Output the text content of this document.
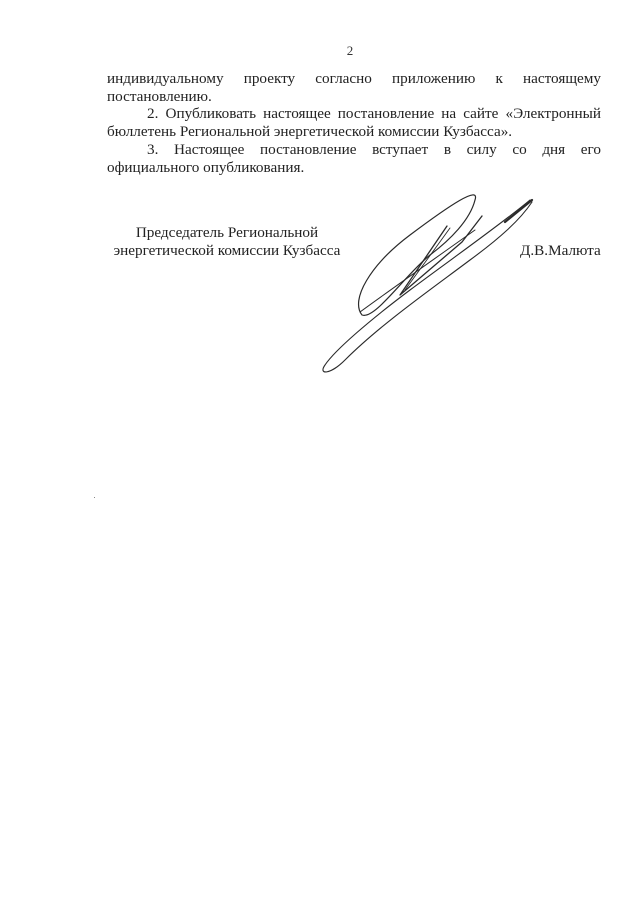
2

индивидуальному проекту согласно приложению к настоящему
постановлению.

2. Опубликовать настоящее постановление на сайте «Электронный бюллетень Региональной энергетической комиссии Кузбасса».

3. Настоящее постановление вступает в силу со дня его официального опубликования.

Председатель Региональной
энергетической комиссии Кузбасса	Д.В.Малюта
